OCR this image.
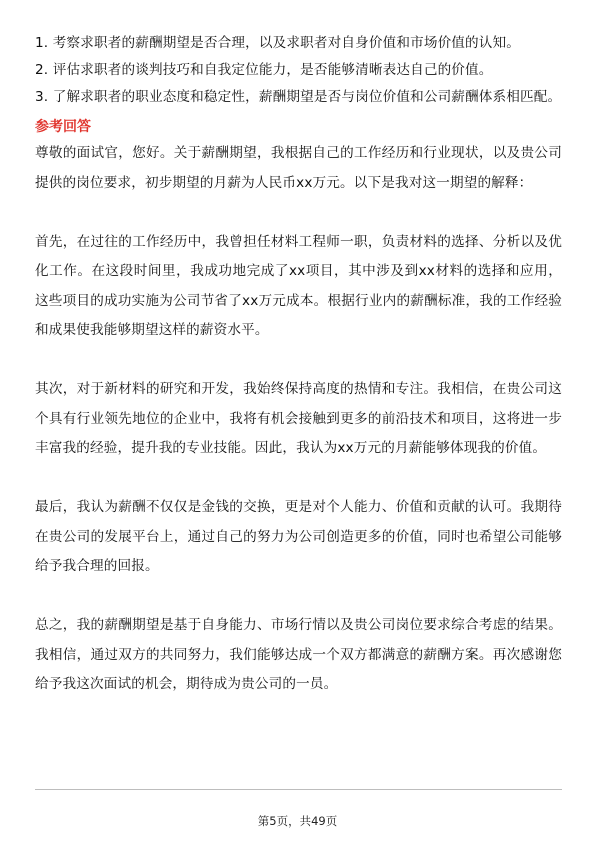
1. 考察求职者的薪酬期望是否合理，以及求职者对自身价值和市场价值的认知。
2. 评估求职者的谈判技巧和自我定位能力，是否能够清晰表达自己的价值。
3. 了解求职者的职业态度和稳定性，薪酬期望是否与岗位价值和公司薪酬体系相匹配。
参考回答

尊敬的面试官，您好。关于薪酬期望，我根据自己的工作经历和行业现状，以及贵公司提供的岗位要求，初步期望的月薪为人民币xx万元。以下是我对这一期望的解释：

首先，在过往的工作经历中，我曾担任材料工程师一职，负责材料的选择、分析以及优化工作。在这段时间里，我成功地完成了xx项目，其中涉及到xx材料的选择和应用，这些项目的成功实施为公司节省了xx万元成本。根据行业内的薪酬标准，我的工作经验和成果使我能够期望这样的薪资水平。

其次，对于新材料的研究和开发，我始终保持高度的热情和专注。我相信，在贵公司这个具有行业领先地位的企业中，我将有机会接触到更多的前沿技术和项目，这将进一步丰富我的经验，提升我的专业技能。因此，我认为xx万元的月薪能够体现我的价值。

最后，我认为薪酬不仅仅是金钱的交换，更是对个人能力、价值和贡献的认可。我期待在贵公司的发展平台上，通过自己的努力为公司创造更多的价值，同时也希望公司能够给予我合理的回报。

总之，我的薪酬期望是基于自身能力、市场行情以及贵公司岗位要求综合考虑的结果。我相信，通过双方的共同努力，我们能够达成一个双方都满意的薪酬方案。再次感谢您给予我这次面试的机会，期待成为贵公司的一员。

第5页，共49页
